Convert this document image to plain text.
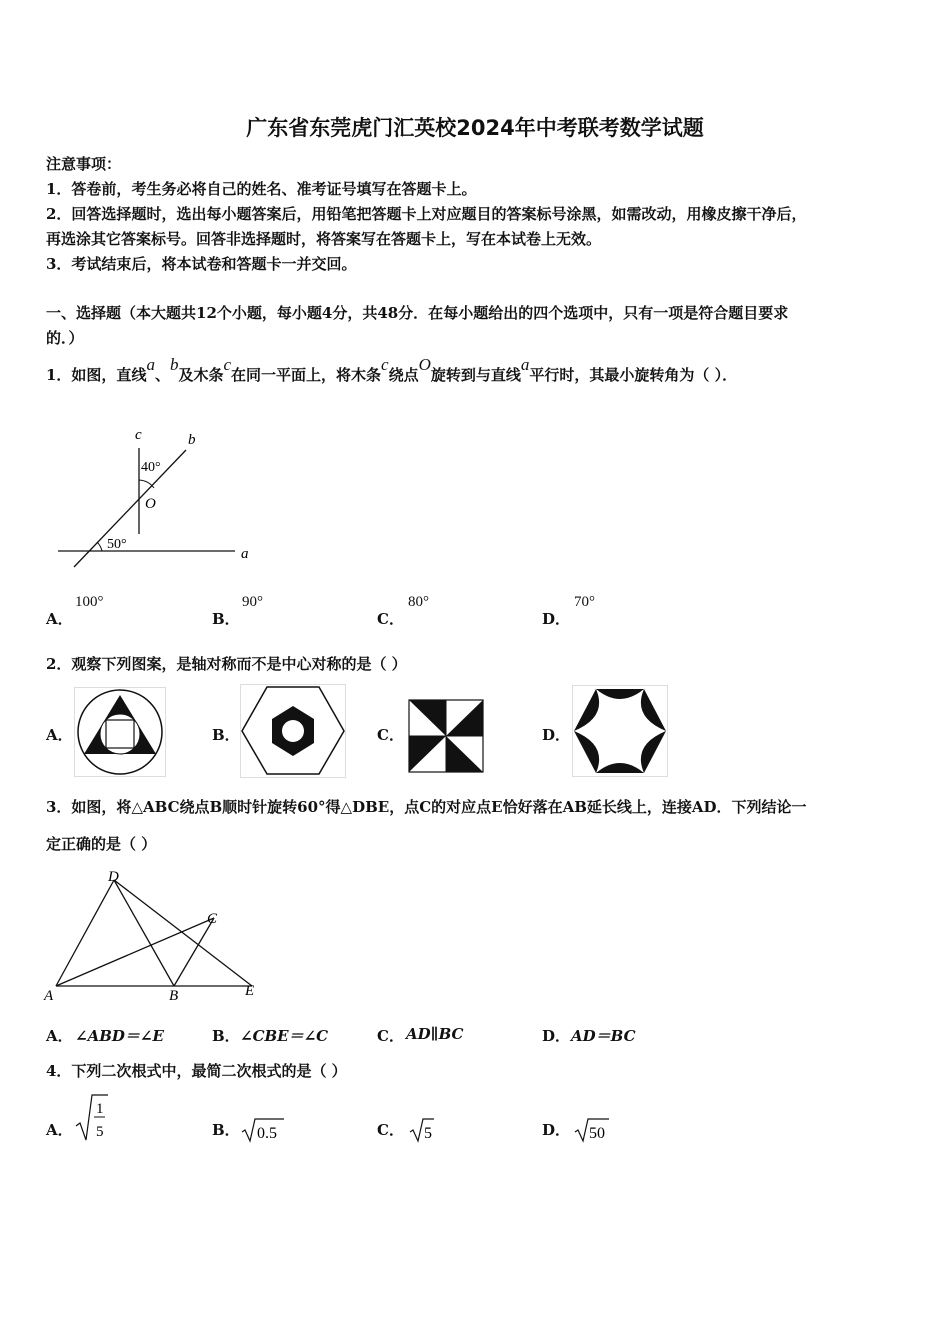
广东省东莞虎门汇英校2024年中考联考数学试题
注意事项：
1．答卷前，考生务必将自己的姓名、准考证号填写在答题卡上。
2．回答选择题时，选出每小题答案后，用铅笔把答题卡上对应题目的答案标号涂黑，如需改动，用橡皮擦干净后，
再选涂其它答案标号。回答非选择题时，将答案写在答题卡上，写在本试卷上无效。
3．考试结束后，将本试卷和答题卡一并交回。
一、选择题（本大题共12个小题，每小题4分，共48分．在每小题给出的四个选项中，只有一项是符合题目要求
的．）
1．如图，直线a、b及木条c在同一平面上，将木条c绕点O旋转到与直线a平行时，其最小旋转角为（ ）．
c	b
40°
O
50°
a
A．
100°
B．
90°
C．
80°
D．
70°
2．观察下列图案，是轴对称而不是中心对称的是（ ）
A．	B．	C．	D．
3．如图，将△ABC绕点B顺时针旋转60°得△DBE，点C的对应点E恰好落在AB延长线上，连接AD．下列结论一
定正确的是（ ）
D
C
A	B	E
A． ∠ABD＝∠E	B． ∠CBE＝∠C	C． AD∥BC	D． AD＝BC
4．下列二次根式中，最简二次根式的是（ ）
A．
1
5	B． 0.5	C． 5	D． 50
